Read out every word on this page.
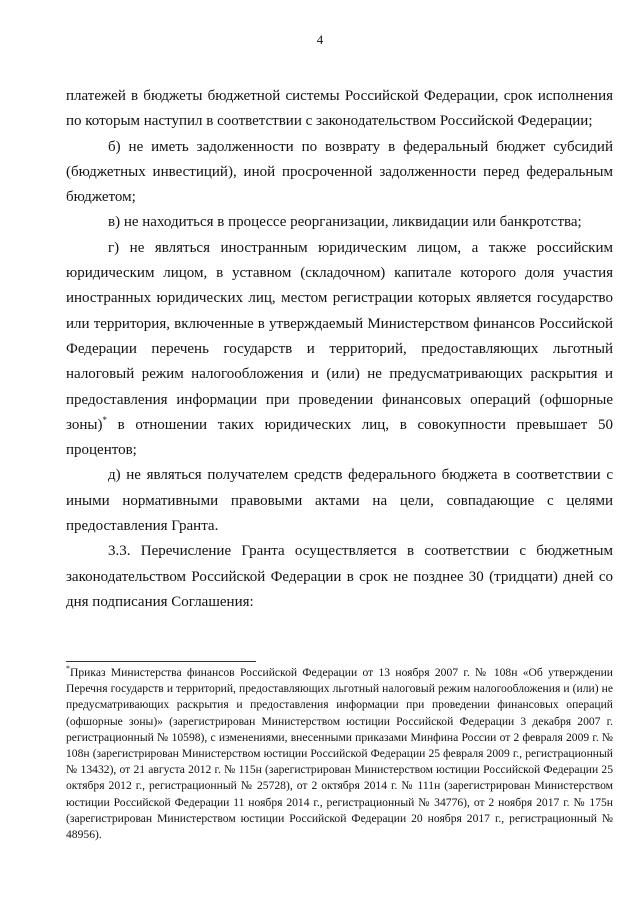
4

платежей в бюджеты бюджетной системы Российской Федерации, срок исполнения по которым наступил в соответствии с законодательством Российской Федерации;

б) не иметь задолженности по возврату в федеральный бюджет субсидий (бюджетных инвестиций), иной просроченной задолженности перед федеральным бюджетом;

в) не находиться в процессе реорганизации, ликвидации или банкротства;

г) не являться иностранным юридическим лицом, а также российским юридическим лицом, в уставном (складочном) капитале которого доля участия иностранных юридических лиц, местом регистрации которых является государство или территория, включенные в утверждаемый Министерством финансов Российской Федерации перечень государств и территорий, предоставляющих льготный налоговый режим налогообложения и (или) не предусматривающих раскрытия и предоставления информации при проведении финансовых операций (офшорные зоны)* в отношении таких юридических лиц, в совокупности превышает 50 процентов;

д) не являться получателем средств федерального бюджета в соответствии с иными нормативными правовыми актами на цели, совпадающие с целями предоставления Гранта.

3.3. Перечисление Гранта осуществляется в соответствии с бюджетным законодательством Российской Федерации в срок не позднее 30 (тридцати) дней со дня подписания Соглашения:

*Приказ Министерства финансов Российской Федерации от 13 ноября 2007 г. № 108н «Об утверждении Перечня государств и территорий, предоставляющих льготный налоговый режим налогообложения и (или) не предусматривающих раскрытия и предоставления информации при проведении финансовых операций (офшорные зоны)» (зарегистрирован Министерством юстиции Российской Федерации 3 декабря 2007 г. регистрационный № 10598), с изменениями, внесенными приказами Минфина России от 2 февраля 2009 г. № 108н (зарегистрирован Министерством юстиции Российской Федерации 25 февраля 2009 г., регистрационный № 13432), от 21 августа 2012 г. № 115н (зарегистрирован Министерством юстиции Российской Федерации 25 октября 2012 г., регистрационный № 25728), от 2 октября 2014 г. № 111н (зарегистрирован Министерством юстиции Российской Федерации 11 ноября 2014 г., регистрационный № 34776), от 2 ноября 2017 г. № 175н (зарегистрирован Министерством юстиции Российской Федерации 20 ноября 2017 г., регистрационный № 48956).
